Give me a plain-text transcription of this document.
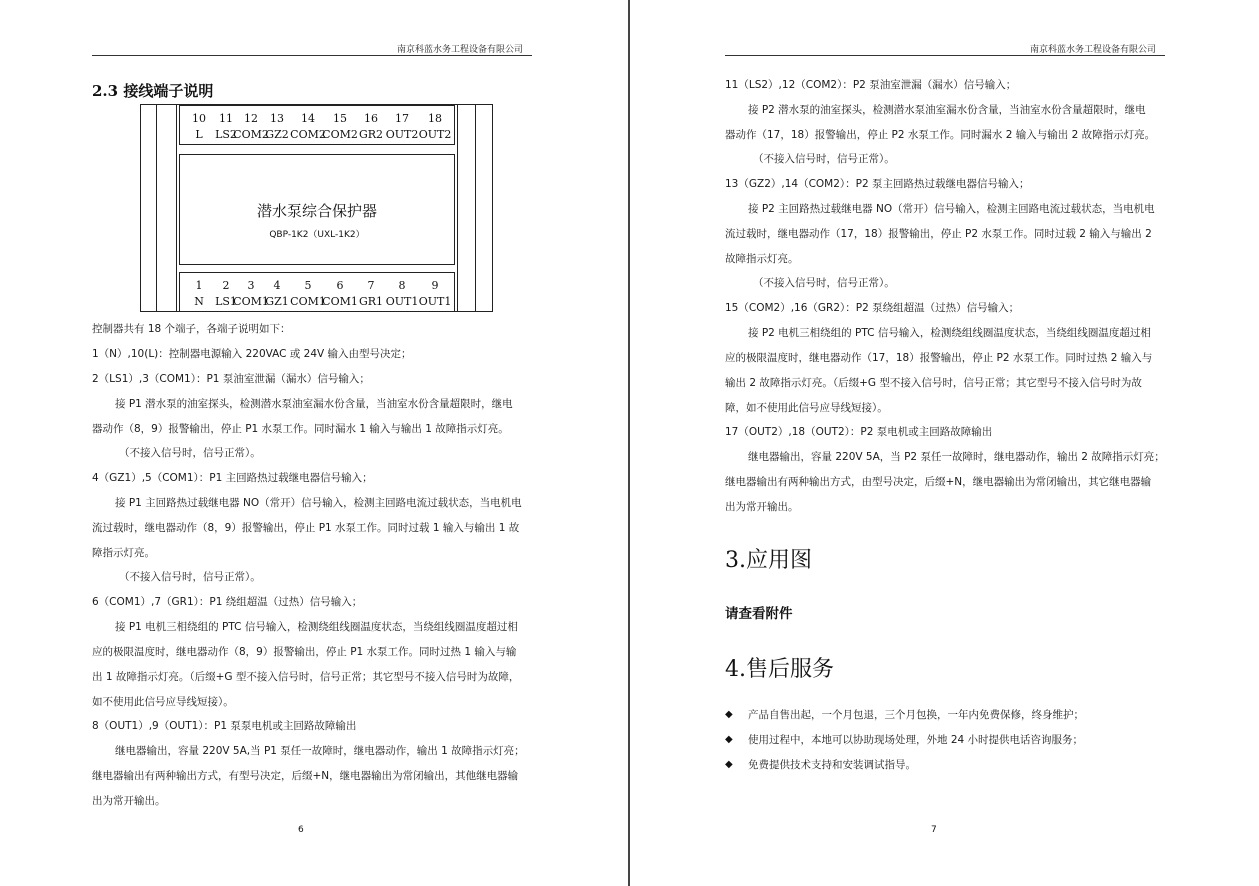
南京科蓝水务工程设备有限公司
2.3 接线端子说明
10 11 12 13 14 15 16 17 18
L LS2
COM2
GZ2 COM2
COM2 GR2 OUT2 OUT2
潜水泵综合保护器
QBP-1K2（UXL-1K2）
1 2 3 4 5 6 7 8 9
N LS1
COM1
GZ1 COM1
COM1 GR1 OUT1 OUT1
控制器共有 18 个端子，各端子说明如下：
1（N）,10(L)：控制器电源输入 220VAC 或 24V 输入由型号决定；
2（LS1）,3（COM1）：P1 泵油室泄漏（漏水）信号输入；
接 P1 潜水泵的油室探头，检测潜水泵油室漏水份含量，当油室水份含量超限时，继电
器动作（8，9）报警输出，停止 P1 水泵工作。同时漏水 1 输入与输出 1 故障指示灯亮。
（不接入信号时，信号正常）。
4（GZ1）,5（COM1）：P1 主回路热过载继电器信号输入；
接 P1 主回路热过载继电器 NO（常开）信号输入，检测主回路电流过载状态，当电机电
流过载时，继电器动作（8，9）报警输出，停止 P1 水泵工作。同时过载 1 输入与输出 1 故
障指示灯亮。
（不接入信号时，信号正常）。
6（COM1）,7（GR1）：P1 绕组超温（过热）信号输入；
接 P1 电机三相绕组的 PTC 信号输入，检测绕组线圈温度状态，当绕组线圈温度超过相
应的极限温度时，继电器动作（8，9）报警输出，停止 P1 水泵工作。同时过热 1 输入与输
出 1 故障指示灯亮。（后缀+G 型不接入信号时，信号正常；其它型号不接入信号时为故障，
如不使用此信号应导线短接）。
8（OUT1）,9（OUT1）：P1 泵泵电机或主回路故障输出
继电器输出，容量 220V 5A,当 P1 泵任一故障时，继电器动作，输出 1 故障指示灯亮；
继电器输出有两种输出方式，有型号决定，后缀+N，继电器输出为常闭输出，其他继电器输
出为常开输出。
6
南京科蓝水务工程设备有限公司
11（LS2）,12（COM2）：P2 泵油室泄漏（漏水）信号输入；
接 P2 潜水泵的油室探头，检测潜水泵油室漏水份含量，当油室水份含量超限时，继电
器动作（17，18）报警输出，停止 P2 水泵工作。同时漏水 2 输入与输出 2 故障指示灯亮。
（不接入信号时，信号正常）。
13（GZ2）,14（COM2）：P2 泵主回路热过载继电器信号输入；
接 P2 主回路热过载继电器 NO（常开）信号输入，检测主回路电流过载状态，当电机电
流过载时，继电器动作（17，18）报警输出，停止 P2 水泵工作。同时过载 2 输入与输出 2
故障指示灯亮。
（不接入信号时，信号正常）。
15（COM2）,16（GR2）：P2 泵绕组超温（过热）信号输入；
接 P2 电机三相绕组的 PTC 信号输入，检测绕组线圈温度状态，当绕组线圈温度超过相
应的极限温度时，继电器动作（17，18）报警输出，停止 P2 水泵工作。同时过热 2 输入与
输出 2 故障指示灯亮。（后缀+G 型不接入信号时，信号正常；其它型号不接入信号时为故
障，如不使用此信号应导线短接）。
17（OUT2）,18（OUT2）：P2 泵电机或主回路故障输出
继电器输出，容量 220V 5A，当 P2 泵任一故障时，继电器动作，输出 2 故障指示灯亮；
继电器输出有两种输出方式，由型号决定，后缀+N，继电器输出为常闭输出，其它继电器输
出为常开输出。
3.应用图
请查看附件
4.售后服务
◆ 产品自售出起，一个月包退，三个月包换，一年内免费保修，终身维护；
◆ 使用过程中，本地可以协助现场处理，外地 24 小时提供电话咨询服务；
◆ 免费提供技术支持和安装调试指导。
7
